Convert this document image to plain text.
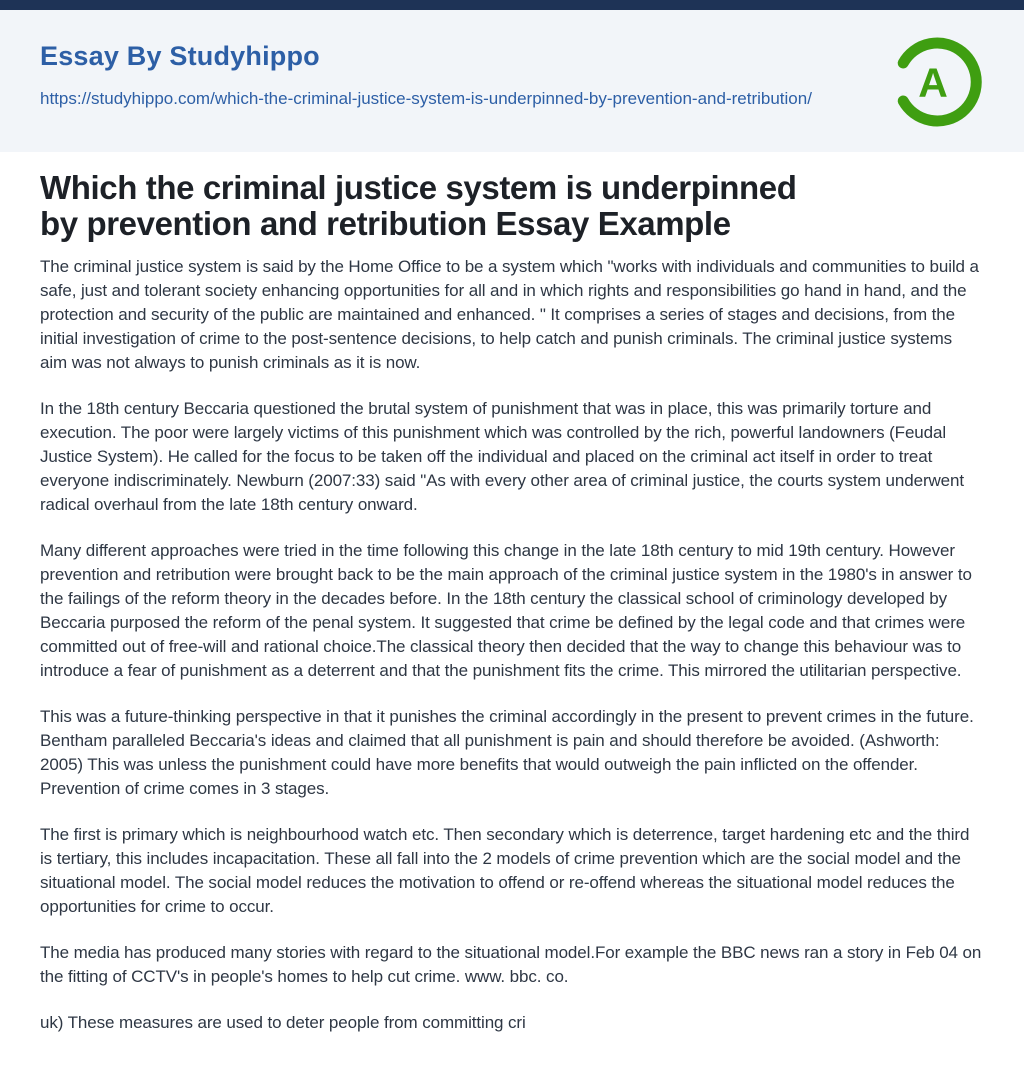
Essay By Studyhippo
https://studyhippo.com/which-the-criminal-justice-system-is-underpinned-by-prevention-and-retribution/	A
Which the criminal justice system is underpinned
by prevention and retribution Essay Example

The criminal justice system is said by the Home Office to be a system which "works with individuals and communities to build a safe, just and tolerant society enhancing opportunities for all and in which rights and responsibilities go hand in hand, and the protection and security of the public are maintained and enhanced. " It comprises a series of stages and decisions, from the initial investigation of crime to the post-sentence decisions, to help catch and punish criminals. The criminal justice systems aim was not always to punish criminals as it is now.

In the 18th century Beccaria questioned the brutal system of punishment that was in place, this was primarily torture and execution. The poor were largely victims of this punishment which was controlled by the rich, powerful landowners (Feudal Justice System). He called for the focus to be taken off the individual and placed on the criminal act itself in order to treat everyone indiscriminately. Newburn (2007:33) said "As with every other area of criminal justice, the courts system underwent radical overhaul from the late 18th century onward.

Many different approaches were tried in the time following this change in the late 18th century to mid 19th century. However prevention and retribution were brought back to be the main approach of the criminal justice system in the 1980's in answer to the failings of the reform theory in the decades before. In the 18th century the classical school of criminology developed by Beccaria purposed the reform of the penal system. It suggested that crime be defined by the legal code and that crimes were committed out of free-will and rational choice.The classical theory then decided that the way to change this behaviour was to introduce a fear of punishment as a deterrent and that the punishment fits the crime. This mirrored the utilitarian perspective.

This was a future-thinking perspective in that it punishes the criminal accordingly in the present to prevent crimes in the future. Bentham paralleled Beccaria's ideas and claimed that all punishment is pain and should therefore be avoided. (Ashworth: 2005) This was unless the punishment could have more benefits that would outweigh the pain inflicted on the offender. Prevention of crime comes in 3 stages.

The first is primary which is neighbourhood watch etc. Then secondary which is deterrence, target hardening etc and the third is tertiary, this includes incapacitation. These all fall into the 2 models of crime prevention which are the social model and the situational model. The social model reduces the motivation to offend or re-offend whereas the situational model reduces the opportunities for crime to occur.

The media has produced many stories with regard to the situational model.For example the BBC news ran a story in Feb 04 on the fitting of CCTV's in people's homes to help cut crime. www. bbc. co.

uk) These measures are used to deter people from committing cri
